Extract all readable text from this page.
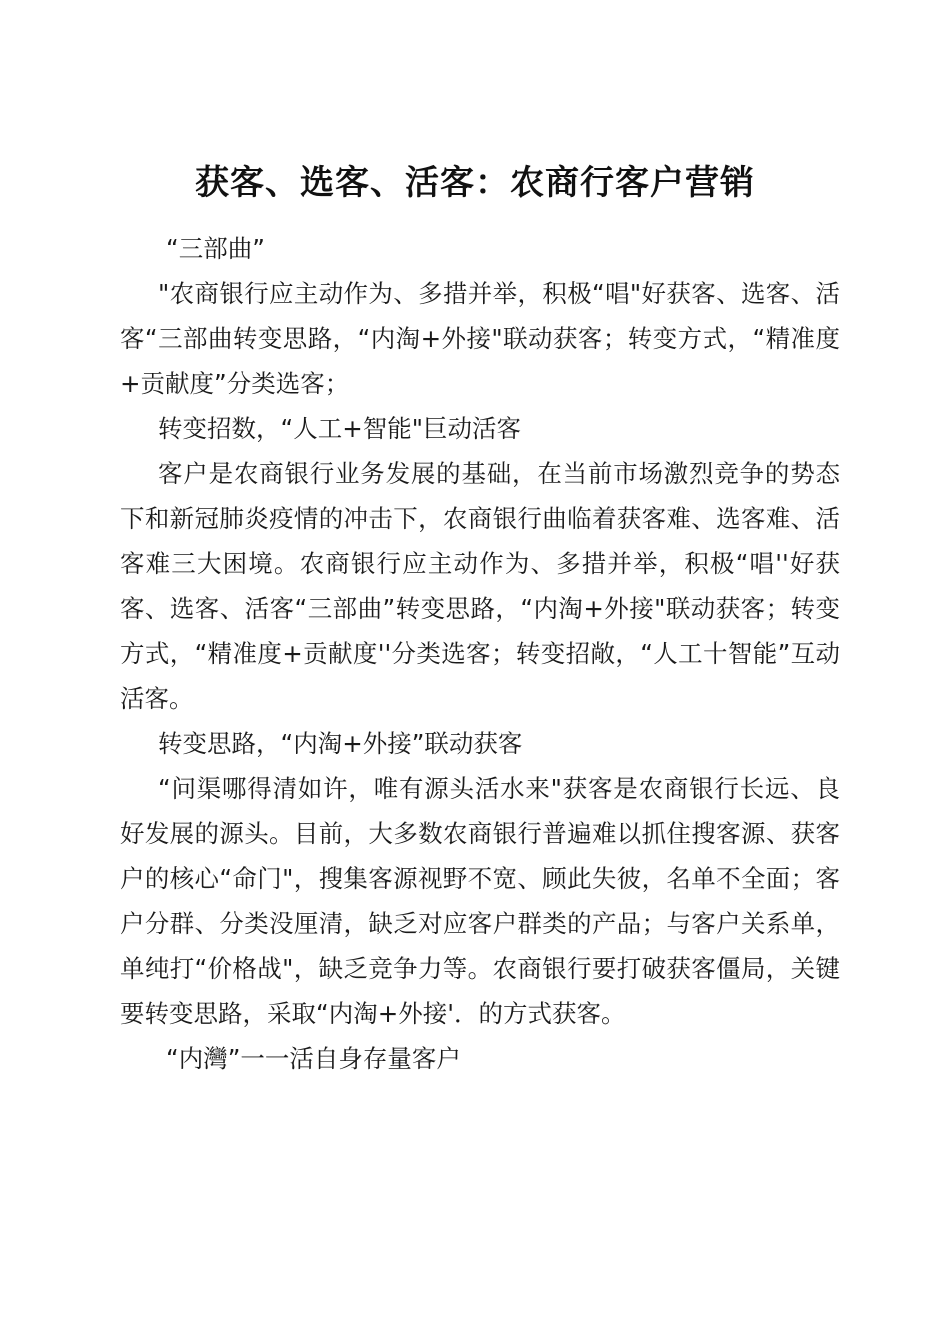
获客、选客、活客：农商行客户营销

“三部曲”

"农商银行应主动作为、多措并举，积极“唱"好获客、选客、活客“三部曲转变思路，“内淘+外接"联动获客；转变方式，“精准度+贡献度”分类选客；

转变招数，“人工+智能"巨动活客

客户是农商银行业务发展的基础，在当前市场激烈竞争的势态下和新冠肺炎疫情的冲击下，农商银行曲临着获客难、选客难、活客难三大困境。农商银行应主动作为、多措并举，积极“唱''好获客、选客、活客“三部曲”转变思路，“内淘+外接"联动获客；转变方式，“精准度+贡献度''分类选客；转变招敞，“人工十智能”互动活客。

转变思路，“内淘+外接”联动获客

“问渠哪得清如许，唯有源头活水来"获客是农商银行长远、良好发展的源头。目前，大多数农商银行普遍难以抓住搜客源、获客户的核心“命门"，搜集客源视野不宽、顾此失彼，名单不全面；客户分群、分类没厘清，缺乏对应客户群类的产品；与客户关系单，单纯打“价格战"，缺乏竞争力等。农商银行要打破获客僵局，关键要转变思路，采取“内淘+外接'．的方式获客。

“内灣”一一活自身存量客户
